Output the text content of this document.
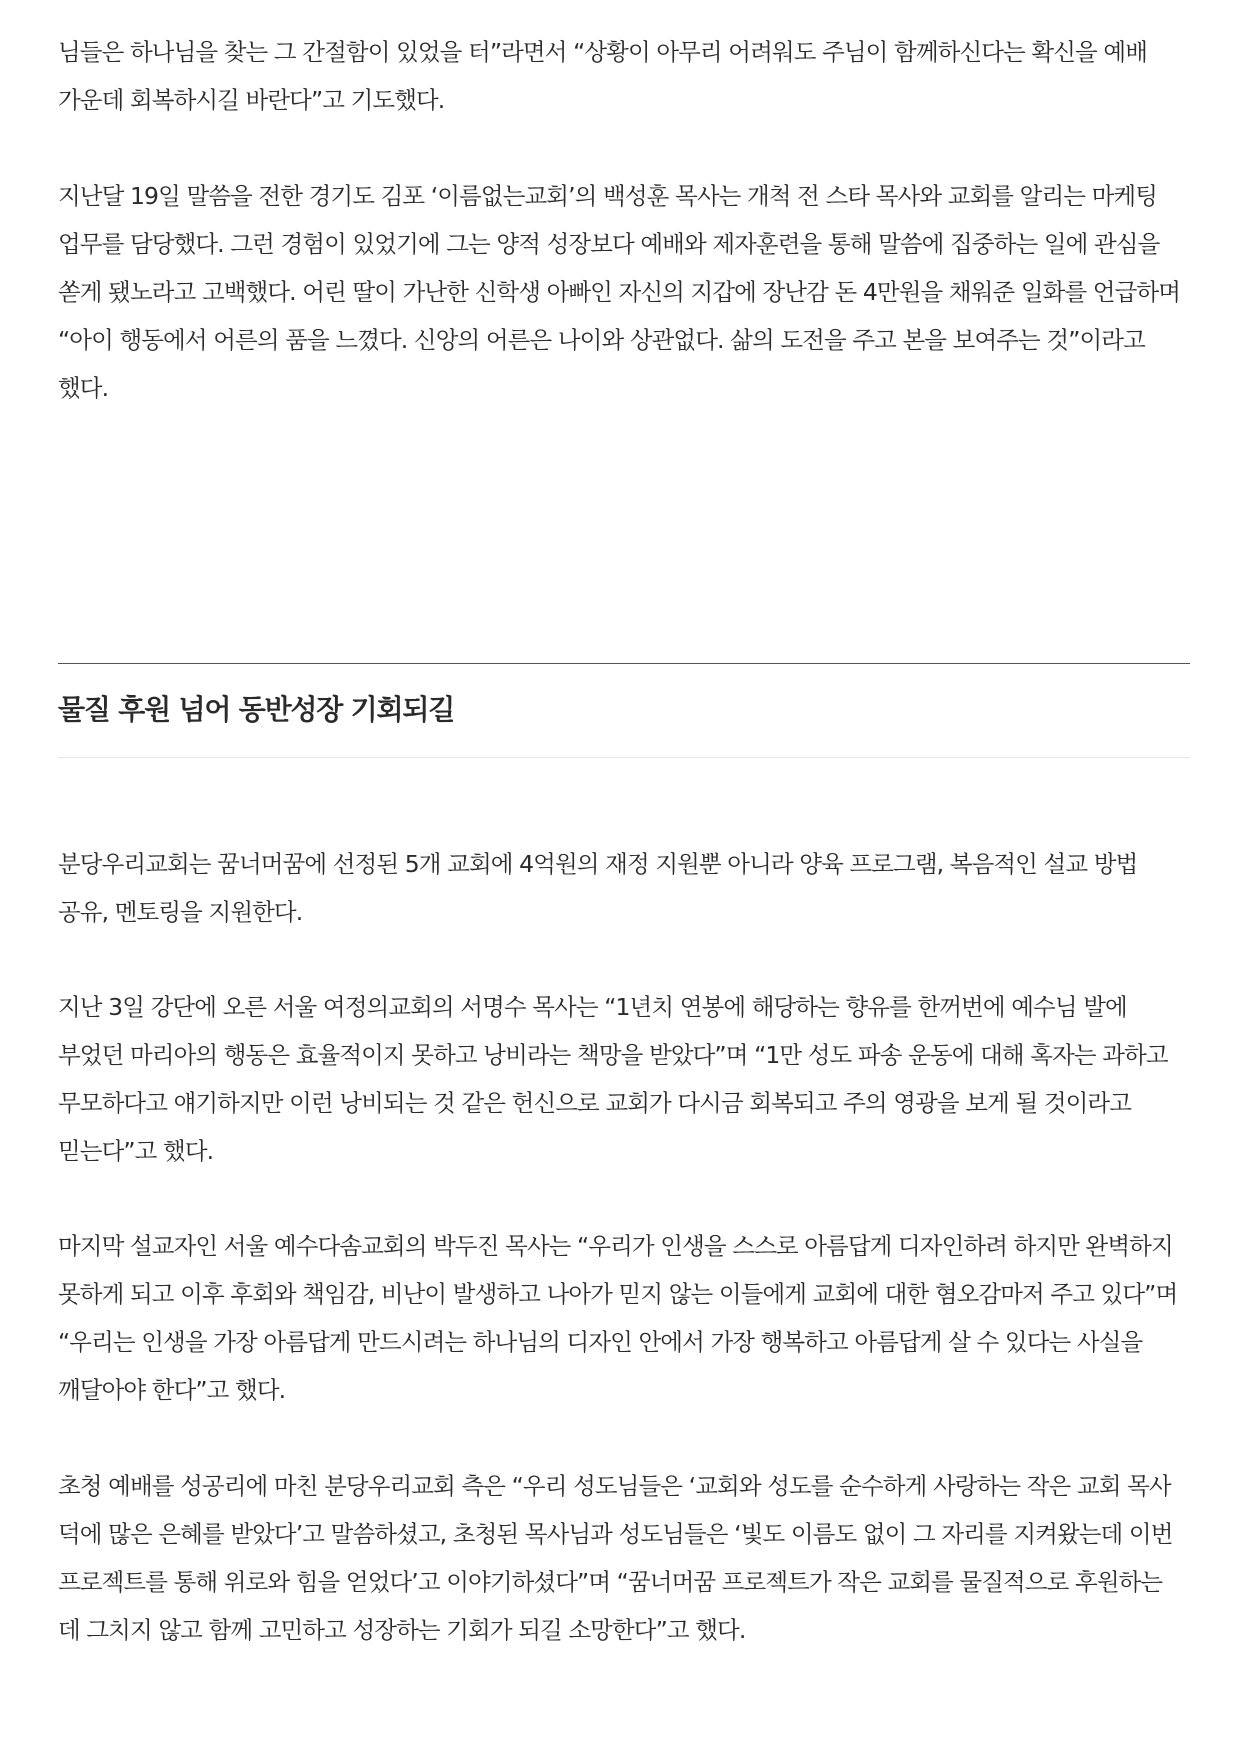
님들은 하나님을 찾는 그 간절함이 있었을 터”라면서 “상황이 아무리 어려워도 주님이 함께하신다는 확신을 예배 가운데 회복하시길 바란다”고 기도했다.

지난달 19일 말씀을 전한 경기도 김포 ‘이름없는교회’의 백성훈 목사는 개척 전 스타 목사와 교회를 알리는 마케팅 업무를 담당했다. 그런 경험이 있었기에 그는 양적 성장보다 예배와 제자훈련을 통해 말씀에 집중하는 일에 관심을 쏟게 됐노라고 고백했다. 어린 딸이 가난한 신학생 아빠인 자신의 지갑에 장난감 돈 4만원을 채워준 일화를 언급하며 “아이 행동에서 어른의 품을 느꼈다. 신앙의 어른은 나이와 상관없다. 삶의 도전을 주고 본을 보여주는 것”이라고 했다.

물질 후원 넘어 동반성장 기회되길

분당우리교회는 꿈너머꿈에 선정된 5개 교회에 4억원의 재정 지원뿐 아니라 양육 프로그램, 복음적인 설교 방법 공유, 멘토링을 지원한다.

지난 3일 강단에 오른 서울 여정의교회의 서명수 목사는 “1년치 연봉에 해당하는 향유를 한꺼번에 예수님 발에 부었던 마리아의 행동은 효율적이지 못하고 낭비라는 책망을 받았다”며 “1만 성도 파송 운동에 대해 혹자는 과하고 무모하다고 얘기하지만 이런 낭비되는 것 같은 헌신으로 교회가 다시금 회복되고 주의 영광을 보게 될 것이라고 믿는다”고 했다.

마지막 설교자인 서울 예수다솜교회의 박두진 목사는 “우리가 인생을 스스로 아름답게 디자인하려 하지만 완벽하지 못하게 되고 이후 후회와 책임감, 비난이 발생하고 나아가 믿지 않는 이들에게 교회에 대한 혐오감마저 주고 있다”며 “우리는 인생을 가장 아름답게 만드시려는 하나님의 디자인 안에서 가장 행복하고 아름답게 살 수 있다는 사실을 깨달아야 한다”고 했다.

초청 예배를 성공리에 마친 분당우리교회 측은 “우리 성도님들은 ‘교회와 성도를 순수하게 사랑하는 작은 교회 목사 덕에 많은 은혜를 받았다’고 말씀하셨고, 초청된 목사님과 성도님들은 ‘빛도 이름도 없이 그 자리를 지켜왔는데 이번 프로젝트를 통해 위로와 힘을 얻었다’고 이야기하셨다”며 “꿈너머꿈 프로젝트가 작은 교회를 물질적으로 후원하는 데 그치지 않고 함께 고민하고 성장하는 기회가 되길 소망한다”고 했다.
